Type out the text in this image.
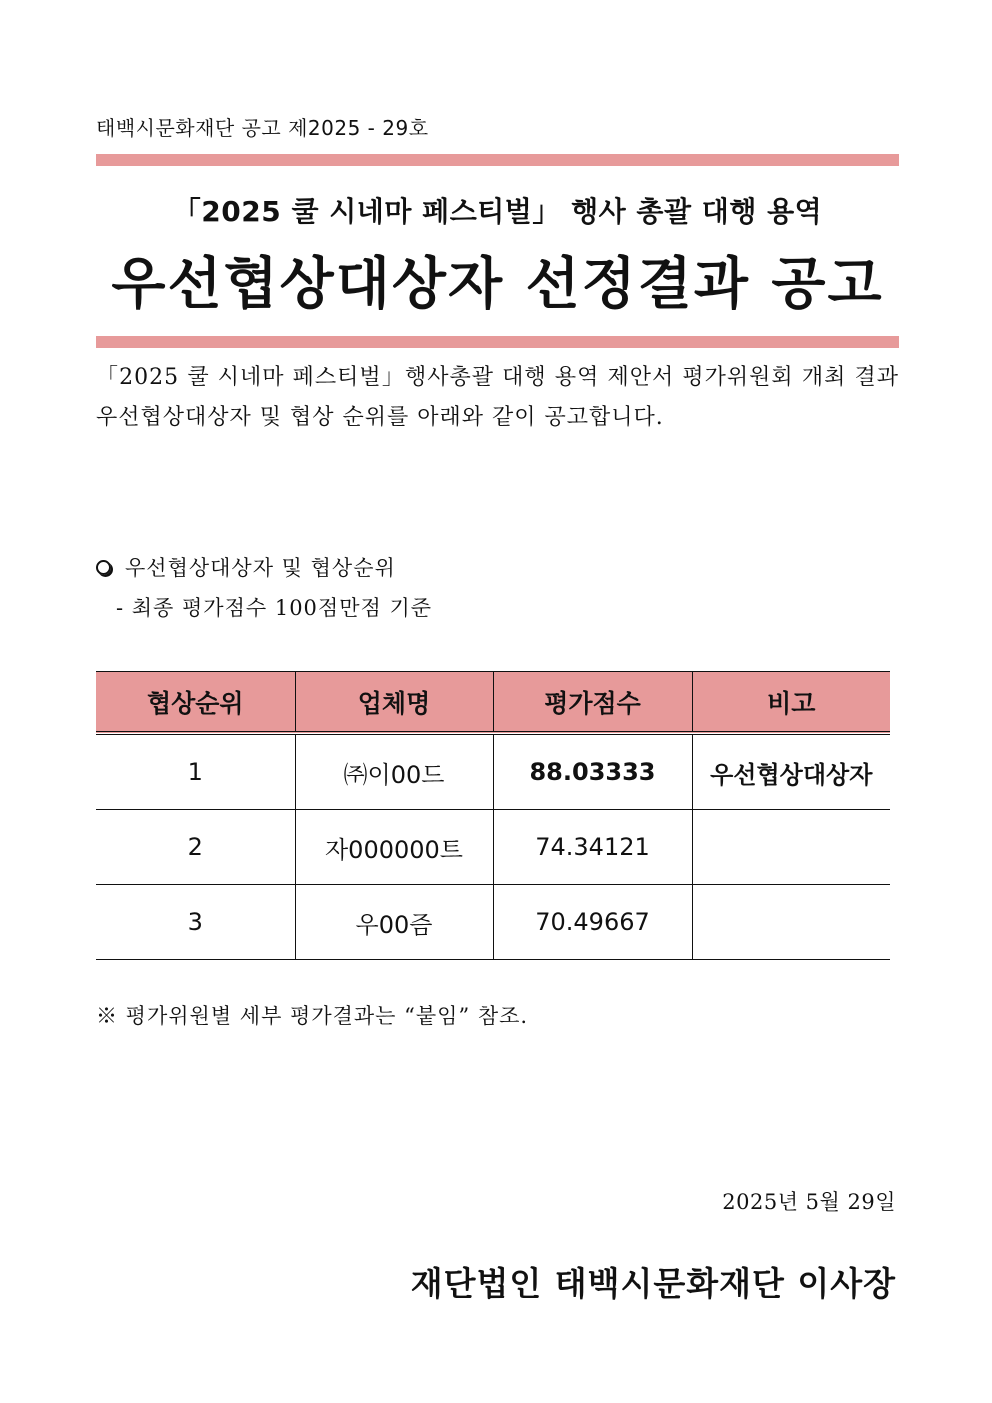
태백시문화재단 공고 제2025 - 29호
「2025 쿨 시네마 페스티벌」 행사 총괄 대행 용역
우선협상대상자 선정결과 공고
「2025 쿨 시네마 페스티벌」행사총괄 대행 용역 제안서 평가위원회 개최 결과 우선협상대상자 및 협상 순위를 아래와 같이 공고합니다.
우선협상대상자 및 협상순위
- 최종 평가점수 100점만점 기준
협상순위	업체명	평가점수	비고
1	㈜이00드	88.03333	우선협상대상자
2	자000000트	74.34121	
3	우00즘	70.49667	
※ 평가위원별 세부 평가결과는 “붙임” 참조.
2025년 5월 29일
재단법인 태백시문화재단 이사장
